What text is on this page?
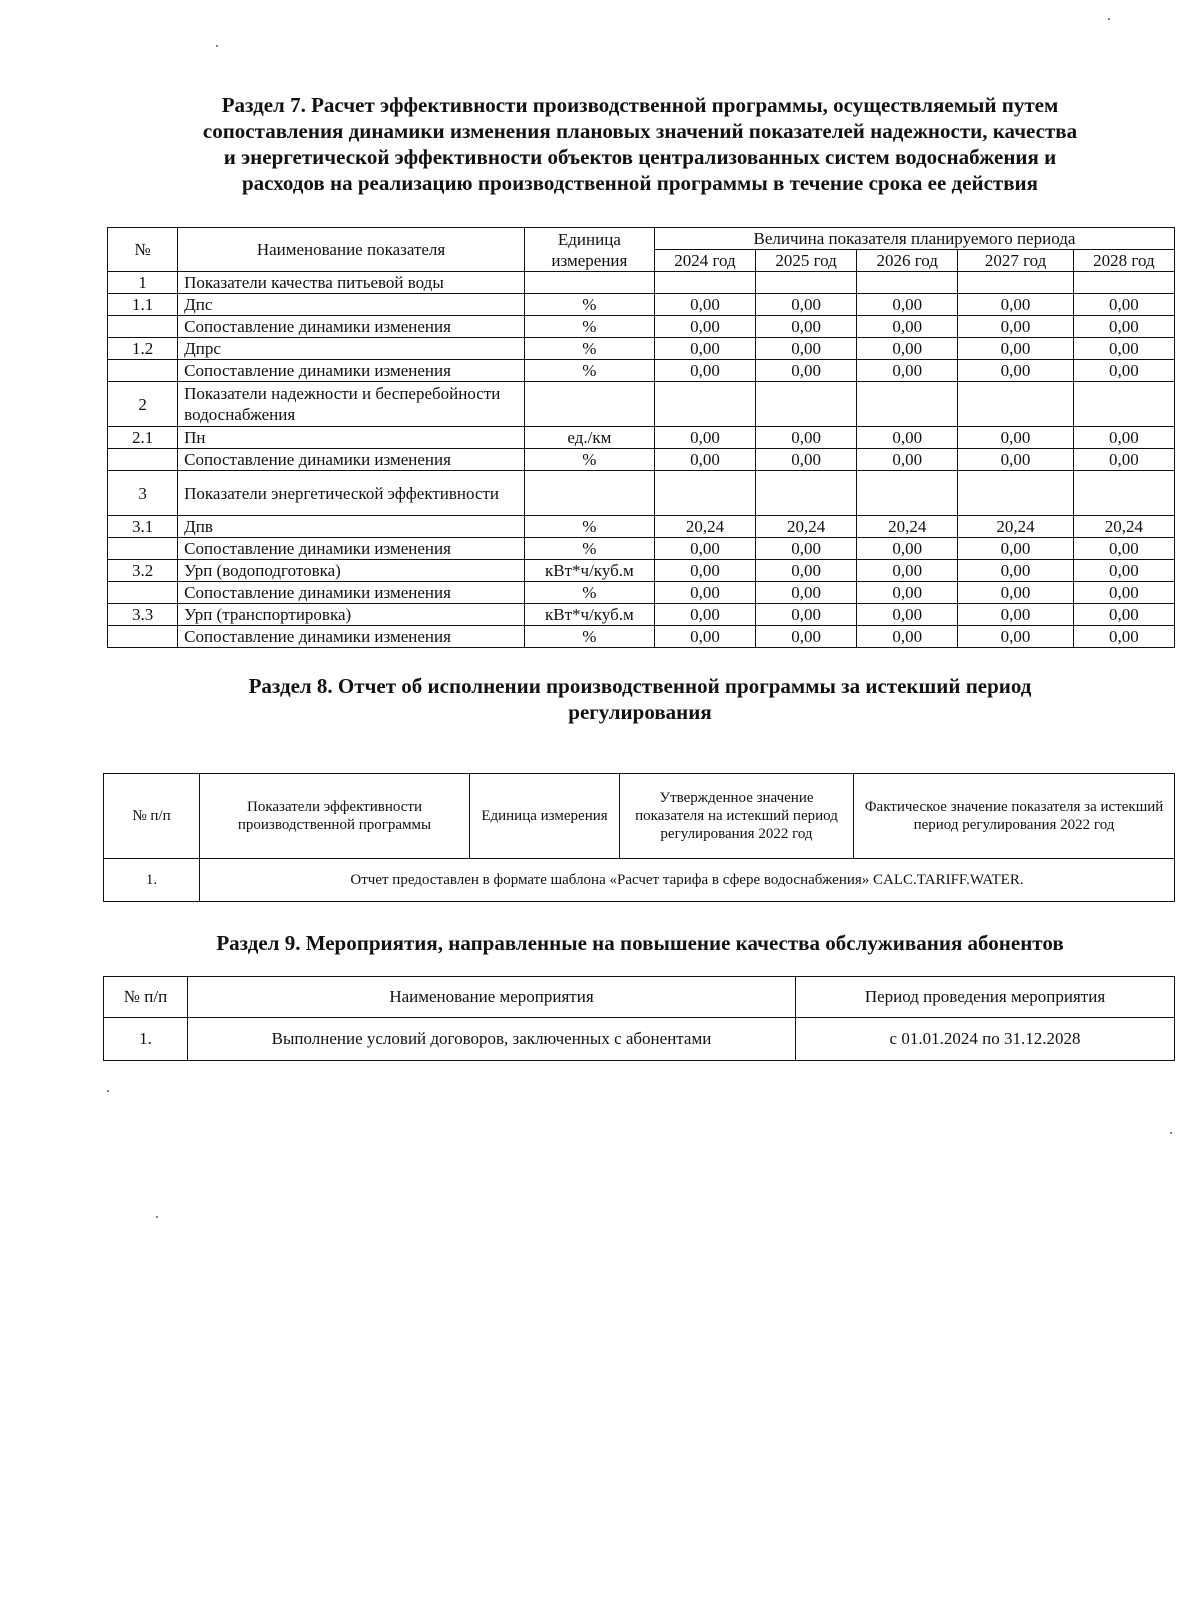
Раздел 7. Расчет эффективности производственной программы, осуществляемый путем
сопоставления динамики изменения плановых значений показателей надежности, качества
и энергетической эффективности объектов централизованных систем водоснабжения и
расходов на реализацию производственной программы в течение срока ее действия
№	Наименование показателя	Единица измерения	Величина показателя планируемого периода				
			2024 год	2025 год	2026 год	2027 год	2028 год
1	Показатели качества питьевой воды						
1.1	Дпс	%	0,00	0,00	0,00	0,00	0,00
	Сопоставление динамики изменения	%	0,00	0,00	0,00	0,00	0,00
1.2	Дпрс	%	0,00	0,00	0,00	0,00	0,00
	Сопоставление динамики изменения	%	0,00	0,00	0,00	0,00	0,00
2	Показатели надежности и бесперебойности водоснабжения						
2.1	Пн	ед./км	0,00	0,00	0,00	0,00	0,00
	Сопоставление динамики изменения	%	0,00	0,00	0,00	0,00	0,00
3	Показатели энергетической эффективности						
3.1	Дпв	%	20,24	20,24	20,24	20,24	20,24
	Сопоставление динамики изменения	%	0,00	0,00	0,00	0,00	0,00
3.2	Урп (водоподготовка)	кВт*ч/куб.м	0,00	0,00	0,00	0,00	0,00
	Сопоставление динамики изменения	%	0,00	0,00	0,00	0,00	0,00
3.3	Урп (транспортировка)	кВт*ч/куб.м	0,00	0,00	0,00	0,00	0,00
	Сопоставление динамики изменения	%	0,00	0,00	0,00	0,00	0,00
Раздел 8. Отчет об исполнении производственной программы за истекший период
регулирования
№ п/п	Показатели эффективности производственной программы	Единица измерения	Утвержденное значение показателя на истекший период регулирования 2022 год	Фактическое значение показателя за истекший период регулирования 2022 год
1.	Отчет предоставлен в формате шаблона «Расчет тарифа в сфере водоснабжения» CALC.TARIFF.WATER.			
Раздел 9. Мероприятия, направленные на повышение качества обслуживания абонентов
№ п/п	Наименование мероприятия	Период проведения мероприятия
1.	Выполнение условий договоров, заключенных с абонентами	с 01.01.2024 по 31.12.2028
